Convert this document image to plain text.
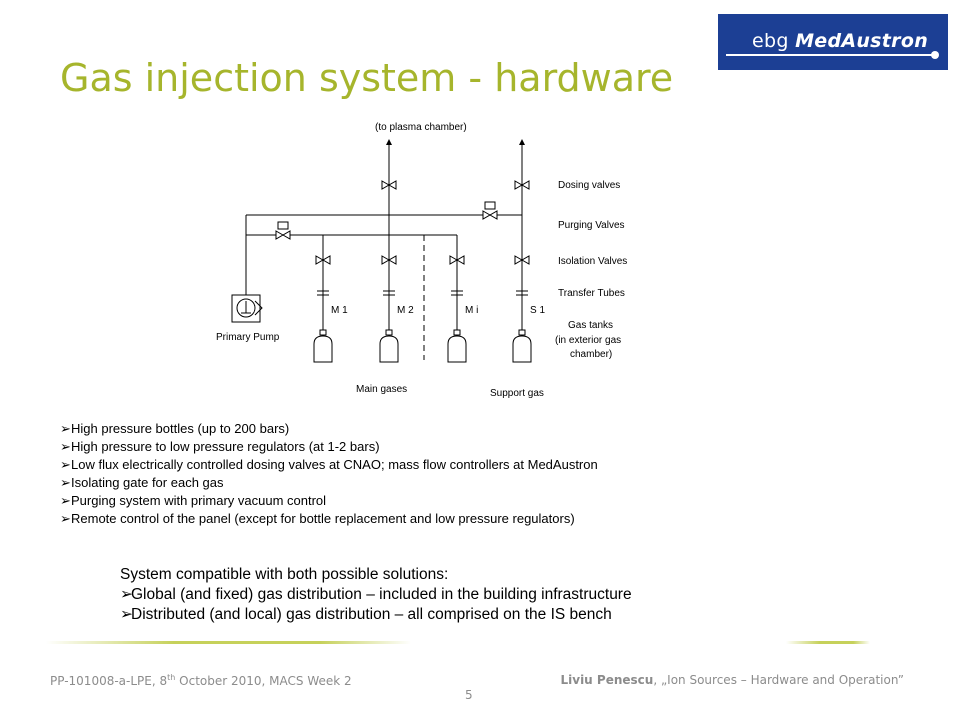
ebg MedAustron
Gas injection system - hardware
(to plasma chamber)
Dosing valves
Purging Valves
Isolation Valves
Transfer Tubes
Gas tanks
(in exterior gas
chamber)
Primary Pump
M 1	M 2	M i	S 1
Main gases	Support gas
➢High pressure bottles (up to 200 bars)
➢High pressure to low pressure regulators (at 1-2 bars)
➢Low flux electrically controlled dosing valves at CNAO; mass flow controllers at MedAustron
➢Isolating gate for each gas
➢Purging system with primary vacuum control
➢Remote control of the panel (except for bottle replacement and low pressure regulators)
System compatible with both possible solutions:
➢Global (and fixed) gas distribution – included in the building infrastructure
➢Distributed (and local) gas distribution – all comprised on the IS bench
PP-101008-a-LPE, 8th October 2010, MACS Week 2	Liviu Penescu, „Ion Sources – Hardware and Operation”
5
